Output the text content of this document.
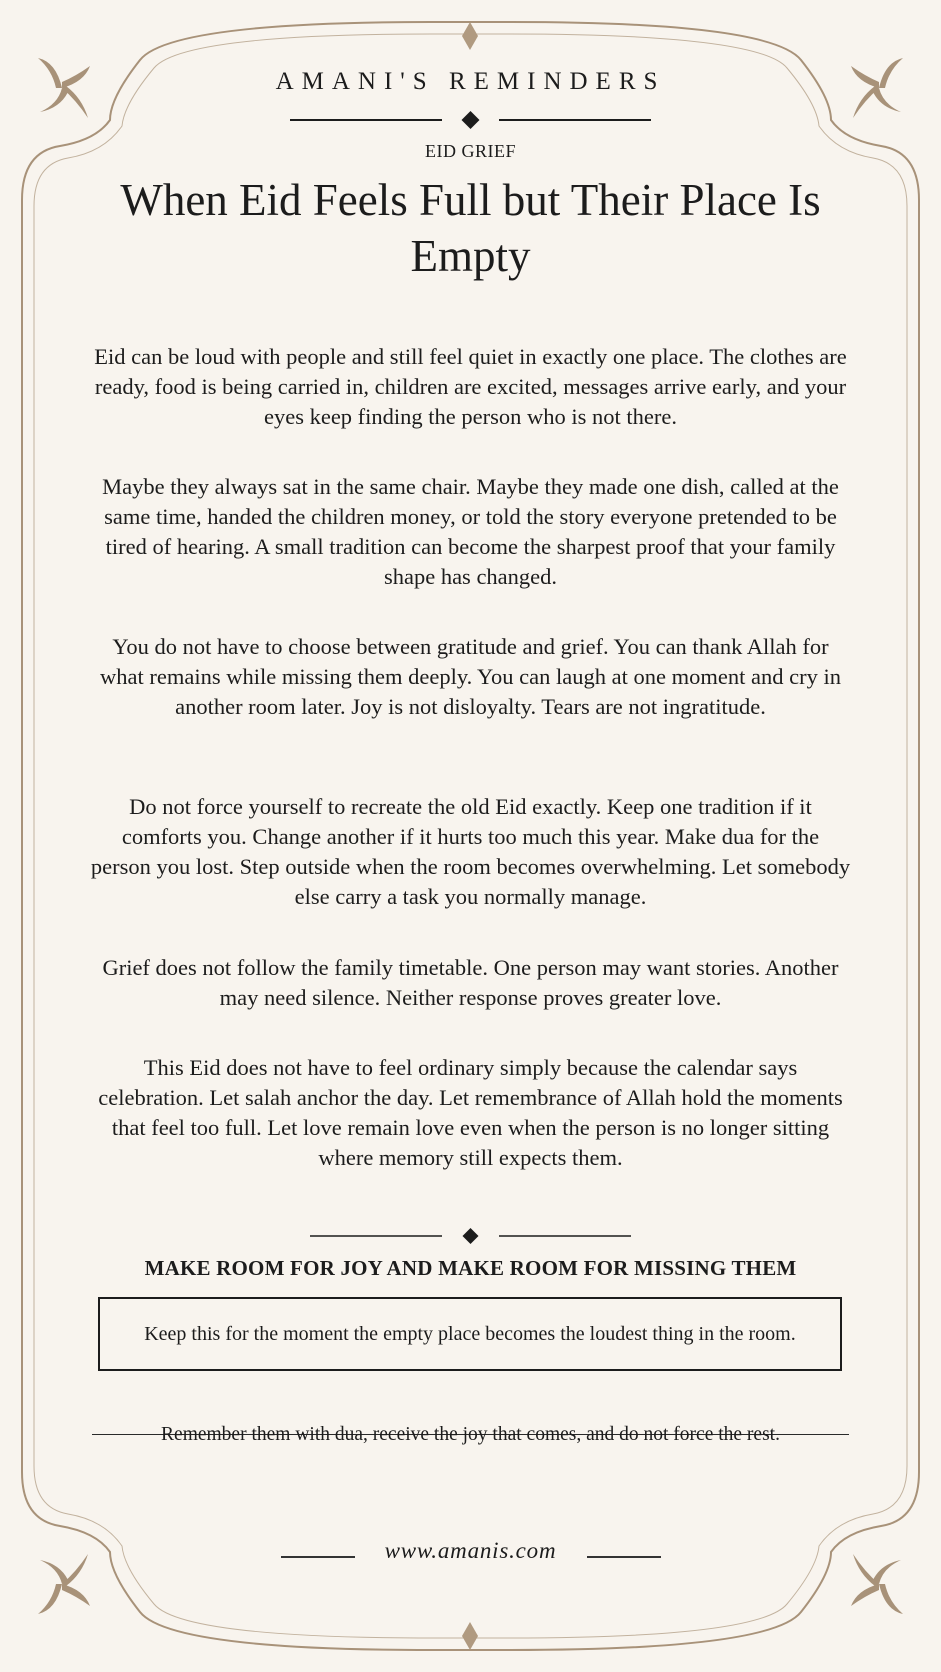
AMANI'S REMINDERS
EID GRIEF
When Eid Feels Full but Their Place Is Empty
Eid can be loud with people and still feel quiet in exactly one place. The clothes are ready, food is being carried in, children are excited, messages arrive early, and your eyes keep finding the person who is not there.
Maybe they always sat in the same chair. Maybe they made one dish, called at the same time, handed the children money, or told the story everyone pretended to be tired of hearing. A small tradition can become the sharpest proof that your family shape has changed.
You do not have to choose between gratitude and grief. You can thank Allah for what remains while missing them deeply. You can laugh at one moment and cry in another room later. Joy is not disloyalty. Tears are not ingratitude.
Do not force yourself to recreate the old Eid exactly. Keep one tradition if it comforts you. Change another if it hurts too much this year. Make dua for the person you lost. Step outside when the room becomes overwhelming. Let somebody else carry a task you normally manage.
Grief does not follow the family timetable. One person may want stories. Another may need silence. Neither response proves greater love.
This Eid does not have to feel ordinary simply because the calendar says celebration. Let salah anchor the day. Let remembrance of Allah hold the moments that feel too full. Let love remain love even when the person is no longer sitting where memory still expects them.
MAKE ROOM FOR JOY AND MAKE ROOM FOR MISSING THEM
Keep this for the moment the empty place becomes the loudest thing in the room.
Remember them with dua, receive the joy that comes, and do not force the rest.
www.amanis.com
